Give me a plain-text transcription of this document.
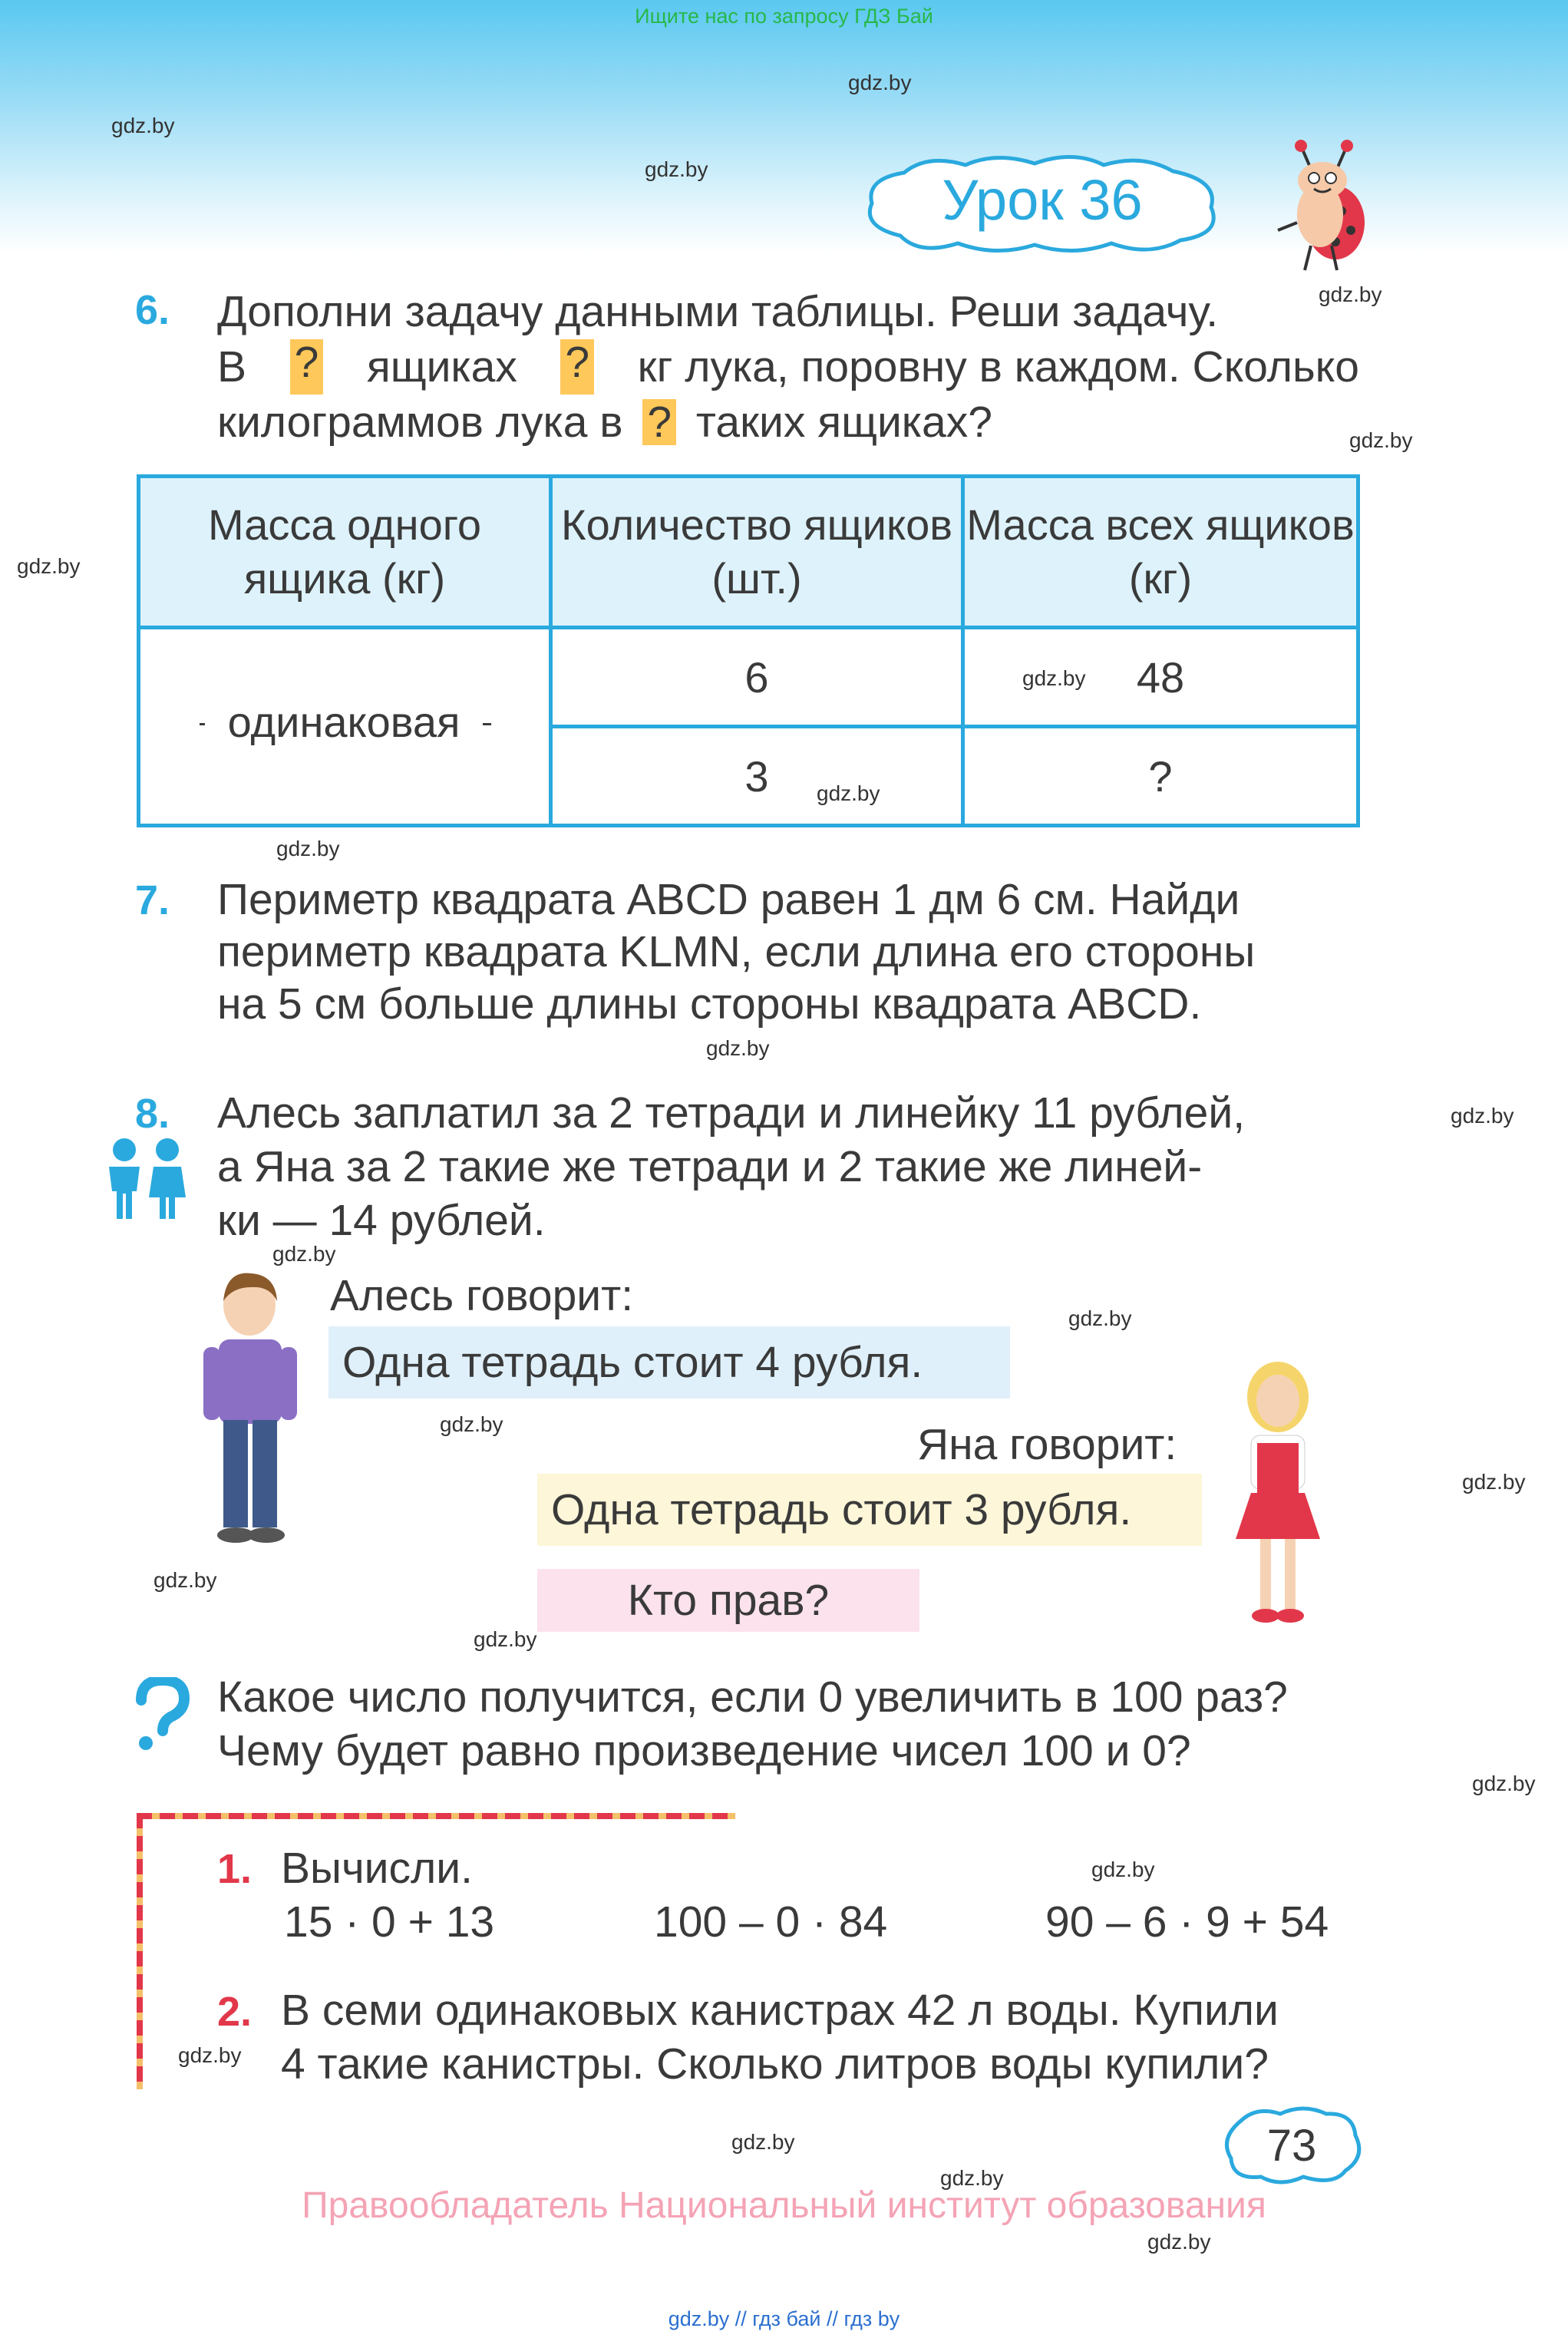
Ищите нас по запросу ГДЗ Бай
gdz.by
gdz.by
gdz.by
gdz.by
gdz.by
gdz.by
gdz.by
gdz.by
gdz.by
gdz.by
gdz.by
gdz.by
gdz.by
gdz.by
gdz.by
gdz.by
gdz.by
gdz.by
gdz.by
gdz.by
gdz.by
gdz.by
gdz.by
Урок 36
6. Дополни задачу данными таблицы. Реши задачу.
В ? ящиках ? кг лука, поровну в каждом. Сколько
килограммов лука в ? таких ящиках?
Масса одного ящика (кг)	Количество ящиков (шт.)	Масса всех ящиков (кг)
	6	48
	3	?
одинаковая
7. Периметр квадрата ABCD равен 1 дм 6 см. Найди
периметр квадрата KLMN, если длина его стороны
на 5 см больше длины стороны квадрата ABCD.
8. Алесь заплатил за 2 тетради и линейку 11 рублей,
а Яна за 2 такие же тетради и 2 такие же линей-
ки — 14 рублей.
Алесь говорит:
Одна тетрадь стоит 4 рубля.
Яна говорит:
Одна тетрадь стоит 3 рубля.
Кто прав?
Какое число получится, если 0 увеличить в 100 раз?
Чему будет равно произведение чисел 100 и 0?
1. Вычисли.
15 · 0 + 13	100 – 0 · 84	90 – 6 · 9 + 54
2. В семи одинаковых канистрах 42 л воды. Купили
4 такие канистры. Сколько литров воды купили?
73
Правообладатель Национальный институт образования
gdz.by // гдз бай // гдз by
